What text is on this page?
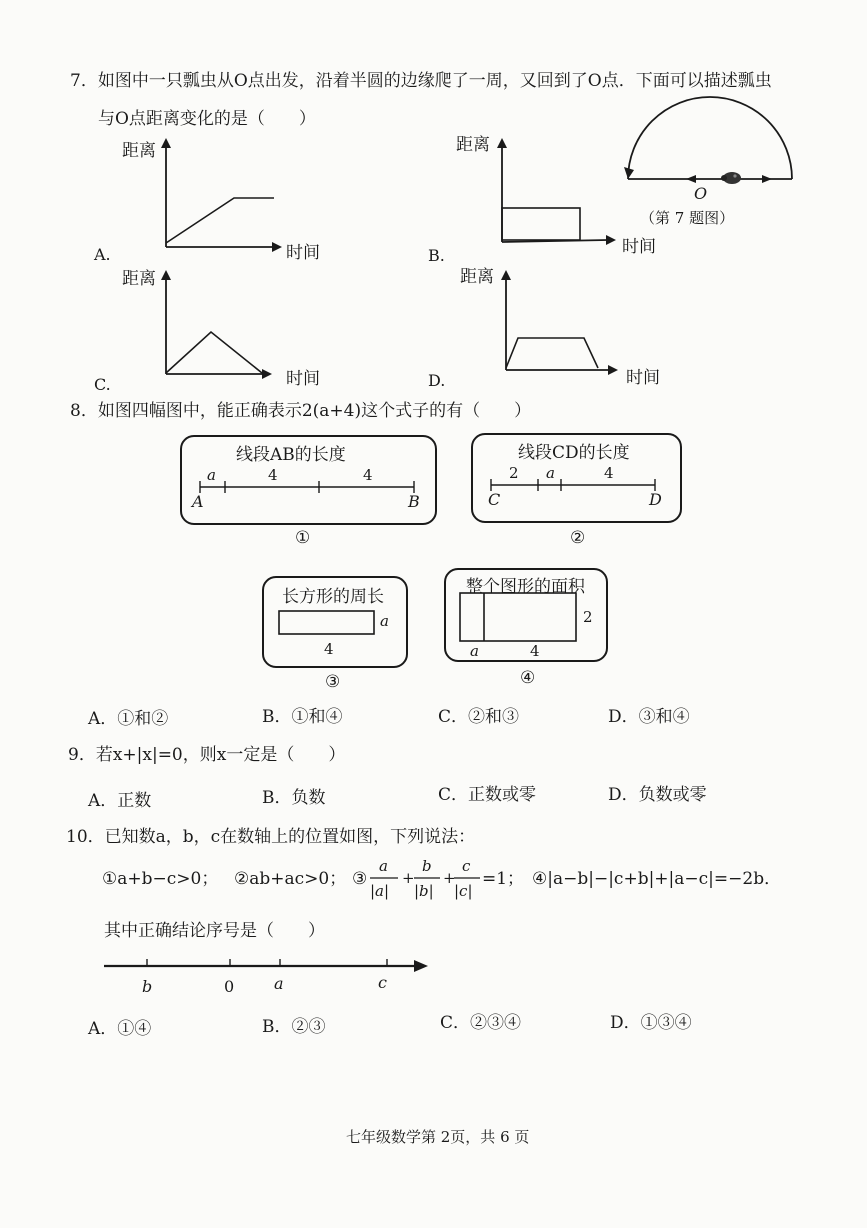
7．如图中一只瓢虫从O点出发，沿着半圆的边缘爬了一周，又回到了O点．下面可以描述瓢虫
与O点距离变化的是（　　）
距离
时间
A.
距离
时间
B.
距离
时间
C.
距离
时间
D.
O
（第 7 题图）
8．如图四幅图中，能正确表示2(a+4)这个式子的有（　　）
线段AB的长度
a	4	4
A	B
①
线段CD的长度
2 a	4
C	D
②
长方形的周长
a
4
③
整个图形的面积
2
a	4
④
A．①和②	B．①和④	C．②和③	D．③和④
9．若x+|x|=0，则x一定是（　　）
A．正数	B．负数	C．正数或零	D．负数或零
10．已知数a，b，c在数轴上的位置如图，下列说法：
①a+b−c>0； ②ab+ac>0； ③
a
|a|
+
b
|b|
+
c
|c|
=1； ④|a−b|−|c+b|+|a−c|=−2b．
其中正确结论序号是（　　）
b	0 a	c
A．①④	B．②③	C．②③④	D．①③④
七年级数学第 2页，共 6 页
